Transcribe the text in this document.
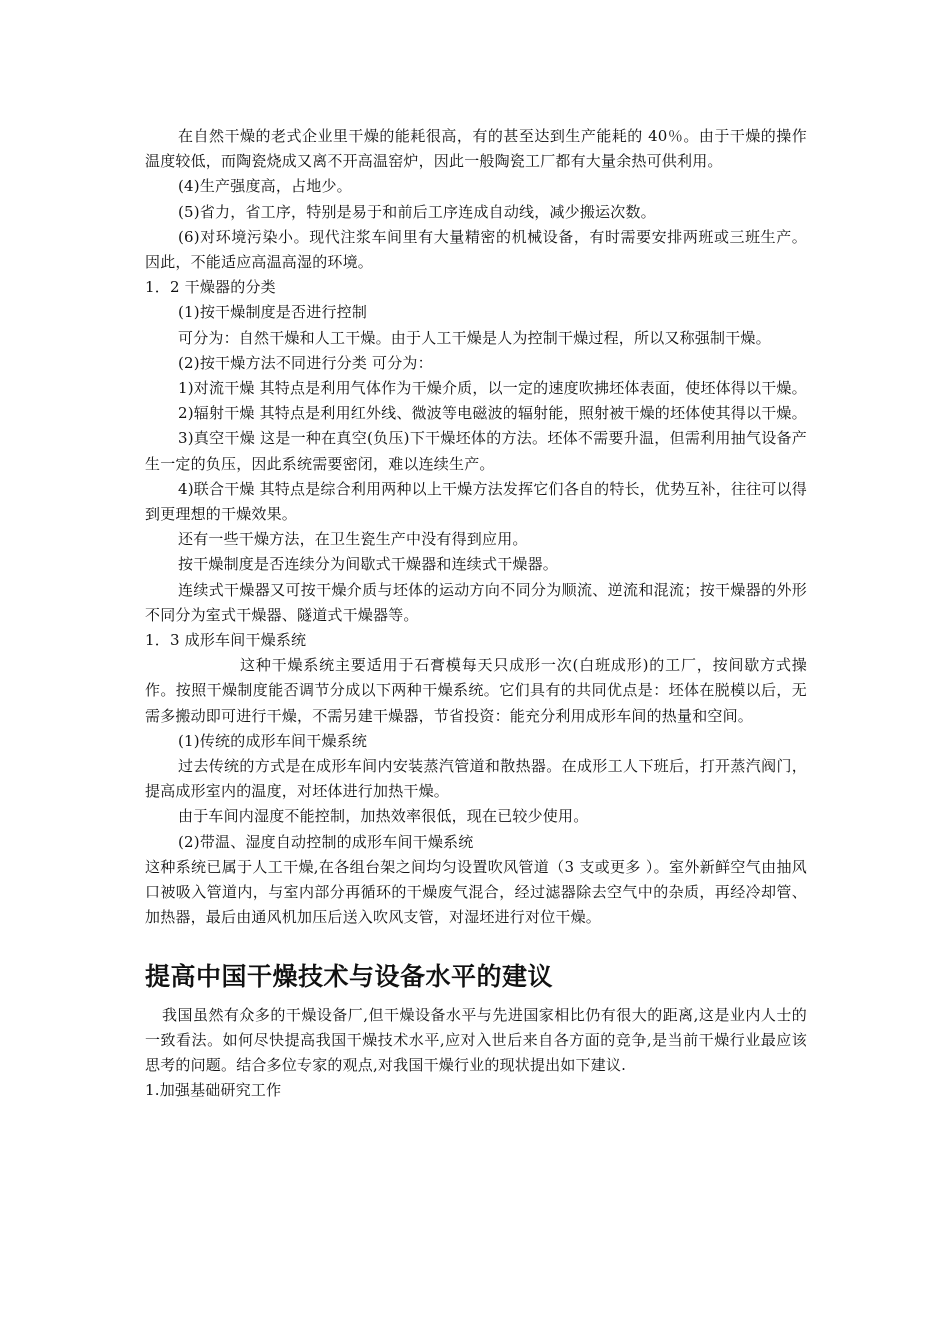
在自然干燥的老式企业里干燥的能耗很高，有的甚至达到生产能耗的 40％。由于干燥的操作温度较低，而陶瓷烧成又离不开高温窑炉，因此一般陶瓷工厂都有大量余热可供利用。

(4)生产强度高，占地少。

(5)省力，省工序，特别是易于和前后工序连成自动线，减少搬运次数。

(6)对环境污染小。现代注浆车间里有大量精密的机械设备，有时需要安排两班或三班生产。因此，不能适应高温高湿的环境。

1．2 干燥器的分类

(1)按干燥制度是否进行控制

可分为：自然干燥和人工干燥。由于人工干燥是人为控制干燥过程，所以又称强制干燥。

(2)按干燥方法不同进行分类 可分为：

1)对流干燥 其特点是利用气体作为干燥介质，以一定的速度吹拂坯体表面，使坯体得以干燥。

2)辐射干燥 其特点是利用红外线、微波等电磁波的辐射能，照射被干燥的坯体使其得以干燥。

3)真空干燥 这是一种在真空(负压)下干燥坯体的方法。坯体不需要升温，但需利用抽气设备产生一定的负压，因此系统需要密闭，难以连续生产。

4)联合干燥 其特点是综合利用两种以上干燥方法发挥它们各自的特长，优势互补，往往可以得到更理想的干燥效果。

还有一些干燥方法，在卫生瓷生产中没有得到应用。

按干燥制度是否连续分为间歇式干燥器和连续式干燥器。

连续式干燥器又可按干燥介质与坯体的运动方向不同分为顺流、逆流和混流；按干燥器的外形不同分为室式干燥器、隧道式干燥器等。

1．3 成形车间干燥系统

这种干燥系统主要适用于石膏模每天只成形一次(白班成形)的工厂，按间歇方式操作。按照干燥制度能否调节分成以下两种干燥系统。它们具有的共同优点是：坯体在脱模以后，无需多搬动即可进行干燥，不需另建干燥器，节省投资：能充分利用成形车间的热量和空间。

(1)传统的成形车间干燥系统

过去传统的方式是在成形车间内安装蒸汽管道和散热器。在成形工人下班后，打开蒸汽阀门，提高成形室内的温度，对坯体进行加热干燥。

由于车间内湿度不能控制，加热效率很低，现在已较少使用。

(2)带温、湿度自动控制的成形车间干燥系统

这种系统已属于人工干燥,在各组台架之间均匀设置吹风管道（3 支或更多 ）。室外新鲜空气由抽风口被吸入管道内，与室内部分再循环的干燥废气混合，经过滤器除去空气中的杂质，再经冷却管、加热器，最后由通风机加压后送入吹风支管，对湿坯进行对位干燥。

提高中国干燥技术与设备水平的建议

我国虽然有众多的干燥设备厂,但干燥设备水平与先进国家相比仍有很大的距离,这是业内人士的一致看法。如何尽快提高我国干燥技术水平,应对入世后来自各方面的竞争,是当前干燥行业最应该思考的问题。结合多位专家的观点,对我国干燥行业的现状提出如下建议.

1.加强基础研究工作
